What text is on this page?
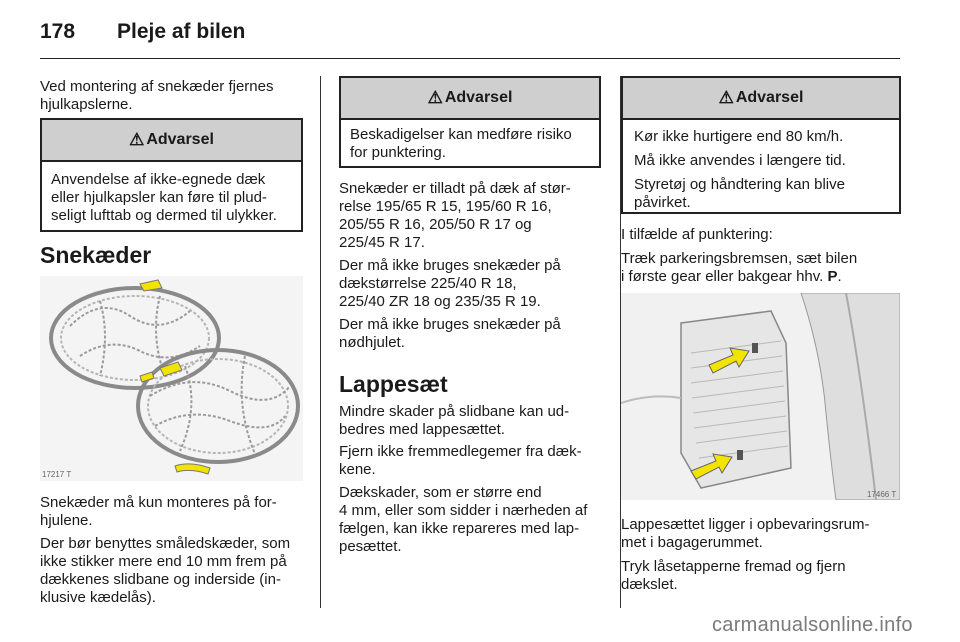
178 Pleje af bilen
Ved montering af snekæder fjernes
hjulkapslerne.
⚠ Advarsel
Anvendelse af ikke-egnede dæk
eller hjulkapsler kan føre til plud-
seligt lufttab og dermed til ulykker.
Snekæder
17217 T
Snekæder må kun monteres på for-
hjulene.
Der bør benyttes småledskæder, som
ikke stikker mere end 10 mm frem på
dækkenes slidbane og inderside (in-
klusive kædelås).
⚠ Advarsel
Beskadigelser kan medføre risiko
for punktering.
Snekæder er tilladt på dæk af stør-
relse 195/65 R 15, 195/60 R 16,
205/55 R 16, 205/50 R 17 og
225/45 R 17.
Der må ikke bruges snekæder på
dækstørrelse 225/40 R 18,
225/40 ZR 18 og 235/35 R 19.
Der må ikke bruges snekæder på
nødhjulet.
Lappesæt
Mindre skader på slidbane kan ud-
bedres med lappesættet.
Fjern ikke fremmedlegemer fra dæk-
kene.
Dækskader, som er større end
4 mm, eller som sidder i nærheden af
fælgen, kan ikke repareres med lap-
pesættet.
⚠ Advarsel
Kør ikke hurtigere end 80 km/h.
Må ikke anvendes i længere tid.
Styretøj og håndtering kan blive påvirket.
I tilfælde af punktering:
Træk parkeringsbremsen, sæt bilen
i første gear eller bakgear hhv. P.
17466 T
Lappesættet ligger i opbevaringsrum-
met i bagagerummet.
Tryk låsetapperne fremad og fjern
dækslet.
carmanualsonline.info
